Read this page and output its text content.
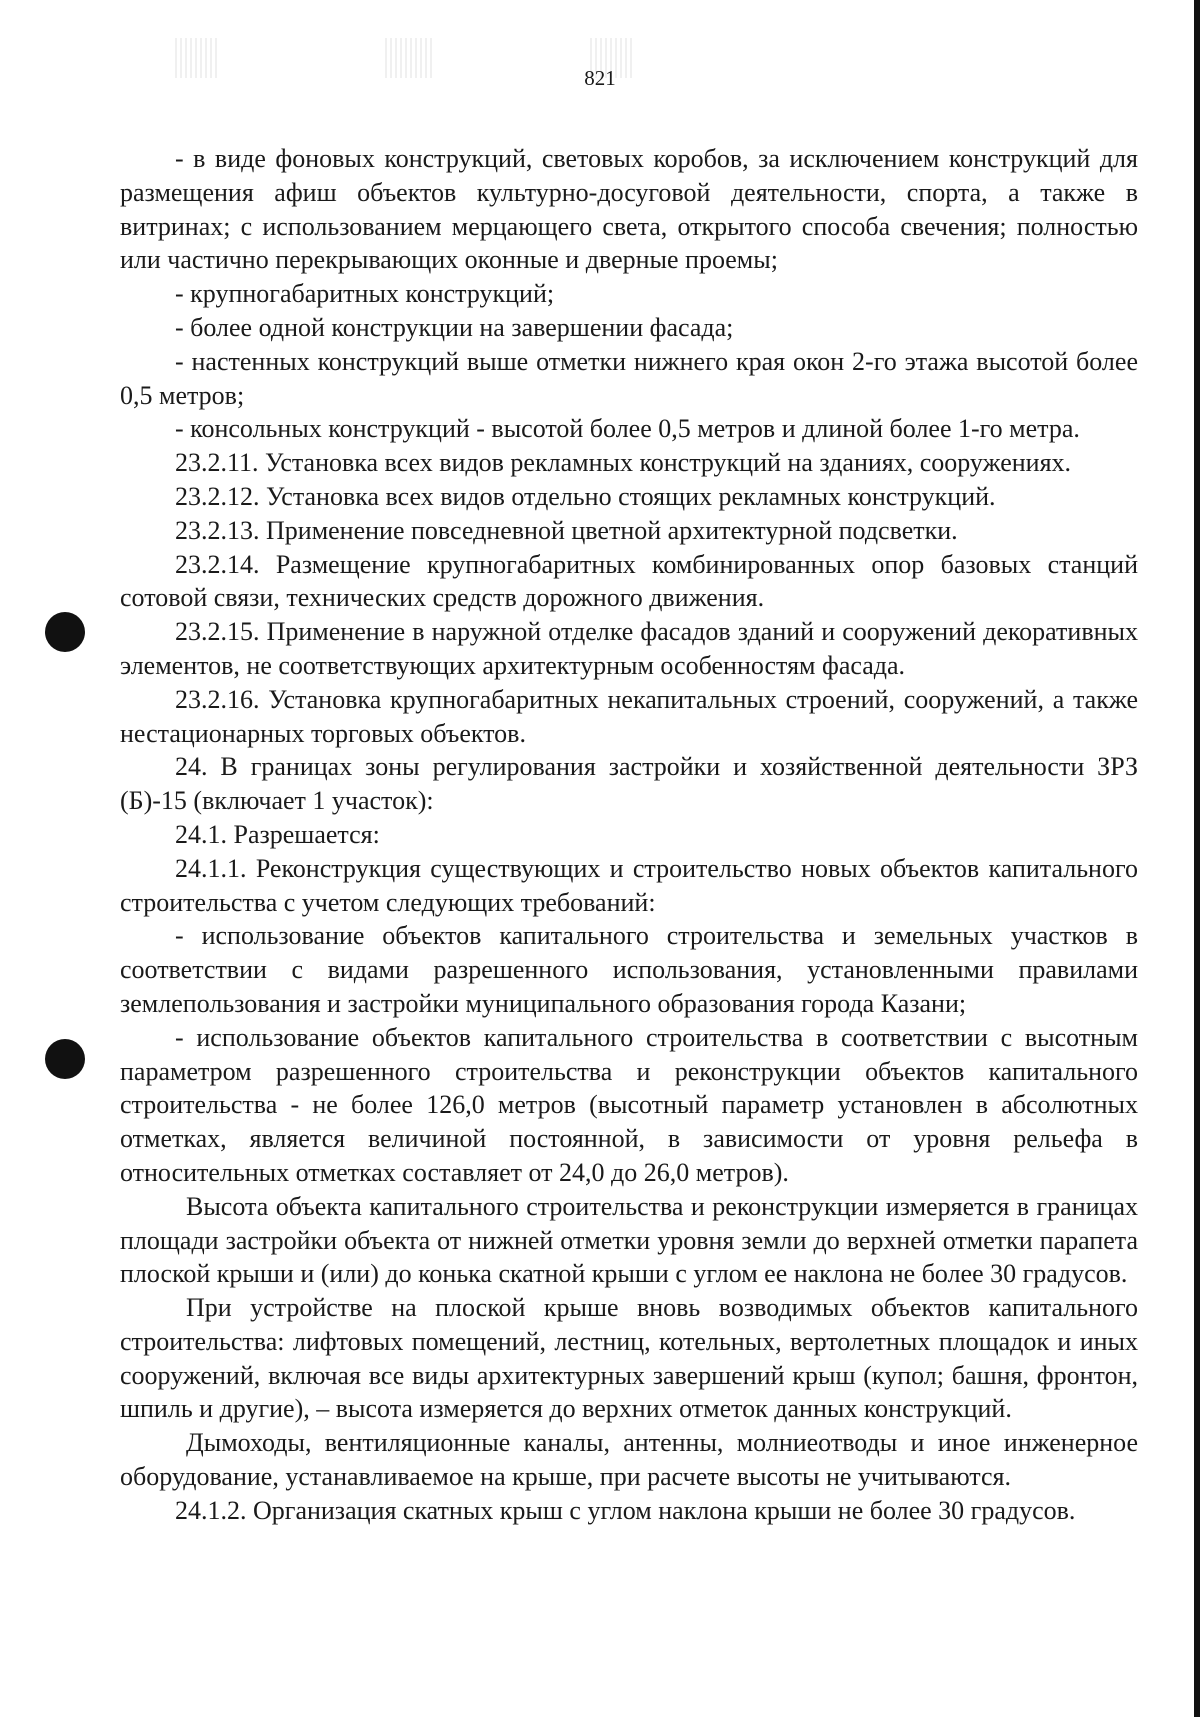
821

- в виде фоновых конструкций, световых коробов, за исключением конструкций для размещения афиш объектов культурно-досуговой деятельности, спорта, а также в витринах; с использованием мерцающего света, открытого способа свечения; полностью или частично перекрывающих оконные и дверные проемы;

- крупногабаритных конструкций;

- более одной конструкции на завершении фасада;

- настенных конструкций выше отметки нижнего края окон 2-го этажа высотой более 0,5 метров;

- консольных конструкций - высотой более 0,5 метров и длиной более 1-го метра.

23.2.11. Установка всех видов рекламных конструкций на зданиях, сооружениях.

23.2.12. Установка всех видов отдельно стоящих рекламных конструкций.

23.2.13. Применение повседневной цветной архитектурной подсветки.

23.2.14. Размещение крупногабаритных комбинированных опор базовых станций сотовой связи, технических средств дорожного движения.

23.2.15. Применение в наружной отделке фасадов зданий и сооружений декоративных элементов, не соответствующих архитектурным особенностям фасада.

23.2.16. Установка крупногабаритных некапитальных строений, сооружений, а также нестационарных торговых объектов.

24. В границах зоны регулирования застройки и хозяйственной деятельности ЗРЗ (Б)-15 (включает 1 участок):

24.1. Разрешается:

24.1.1. Реконструкция существующих и строительство новых объектов капитального строительства с учетом следующих требований:

- использование объектов капитального строительства и земельных участков в соответствии с видами разрешенного использования, установленными правилами землепользования и застройки муниципального образования города Казани;

- использование объектов капитального строительства в соответствии с высотным параметром разрешенного строительства и реконструкции объектов капитального строительства - не более 126,0 метров (высотный параметр установлен в абсолютных отметках, является величиной постоянной, в зависимости от уровня рельефа в относительных отметках составляет от 24,0 до 26,0 метров).

Высота объекта капитального строительства и реконструкции измеряется в границах площади застройки объекта от нижней отметки уровня земли до верхней отметки парапета плоской крыши и (или) до конька скатной крыши с углом ее наклона не более 30 градусов.

При устройстве на плоской крыше вновь возводимых объектов капитального строительства: лифтовых помещений, лестниц, котельных, вертолетных площадок и иных сооружений, включая все виды архитектурных завершений крыш (купол; башня, фронтон, шпиль и другие), – высота измеряется до верхних отметок данных конструкций.

Дымоходы, вентиляционные каналы, антенны, молниеотводы и иное инженерное оборудование, устанавливаемое на крыше, при расчете высоты не учитываются.

24.1.2. Организация скатных крыш с углом наклона крыши не более 30 градусов.
